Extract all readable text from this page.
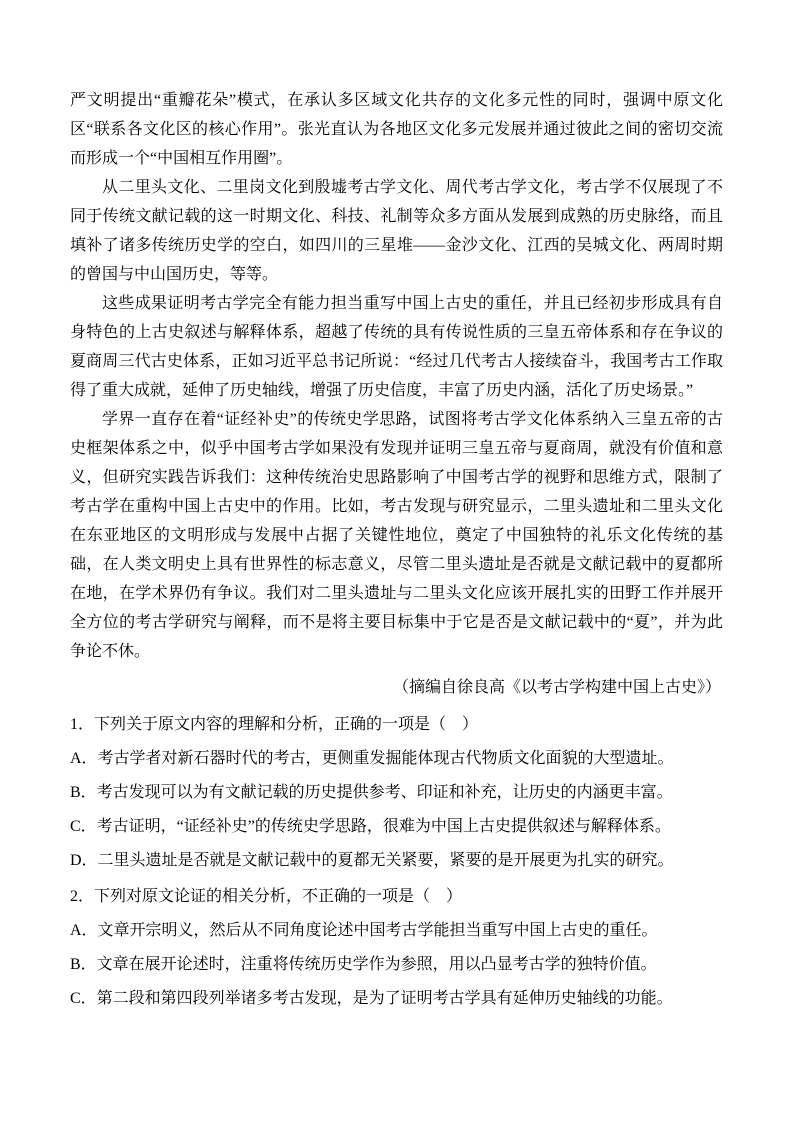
严文明提出“重瓣花朵”模式，在承认多区域文化共存的文化多元性的同时，强调中原文化区“联系各文化区的核心作用”。张光直认为各地区文化多元发展并通过彼此之间的密切交流而形成一个“中国相互作用圈”。

从二里头文化、二里岗文化到殷墟考古学文化、周代考古学文化，考古学不仅展现了不同于传统文献记载的这一时期文化、科技、礼制等众多方面从发展到成熟的历史脉络，而且填补了诸多传统历史学的空白，如四川的三星堆——金沙文化、江西的吴城文化、两周时期的曾国与中山国历史，等等。

这些成果证明考古学完全有能力担当重写中国上古史的重任，并且已经初步形成具有自身特色的上古史叙述与解释体系，超越了传统的具有传说性质的三皇五帝体系和存在争议的夏商周三代古史体系，正如习近平总书记所说：“经过几代考古人接续奋斗，我国考古工作取得了重大成就，延伸了历史轴线，增强了历史信度，丰富了历史内涵，活化了历史场景。”

学界一直存在着“证经补史”的传统史学思路，试图将考古学文化体系纳入三皇五帝的古史框架体系之中，似乎中国考古学如果没有发现并证明三皇五帝与夏商周，就没有价值和意义，但研究实践告诉我们：这种传统治史思路影响了中国考古学的视野和思维方式，限制了考古学在重构中国上古史中的作用。比如，考古发现与研究显示，二里头遗址和二里头文化在东亚地区的文明形成与发展中占据了关键性地位，奠定了中国独特的礼乐文化传统的基础，在人类文明史上具有世界性的标志意义，尽管二里头遗址是否就是文献记载中的夏都所在地，在学术界仍有争议。我们对二里头遗址与二里头文化应该开展扎实的田野工作并展开全方位的考古学研究与阐释，而不是将主要目标集中于它是否是文献记载中的“夏”，并为此争论不休。

（摘编自徐良高《以考古学构建中国上古史》）

1．下列关于原文内容的理解和分析，正确的一项是（　）

A．考古学者对新石器时代的考古，更侧重发掘能体现古代物质文化面貌的大型遗址。

B．考古发现可以为有文献记载的历史提供参考、印证和补充，让历史的内涵更丰富。

C．考古证明，“证经补史”的传统史学思路，很难为中国上古史提供叙述与解释体系。

D．二里头遗址是否就是文献记载中的夏都无关紧要，紧要的是开展更为扎实的研究。

2．下列对原文论证的相关分析，不正确的一项是（　）

A．文章开宗明义，然后从不同角度论述中国考古学能担当重写中国上古史的重任。

B．文章在展开论述时，注重将传统历史学作为参照，用以凸显考古学的独特价值。

C．第二段和第四段列举诸多考古发现，是为了证明考古学具有延伸历史轴线的功能。
